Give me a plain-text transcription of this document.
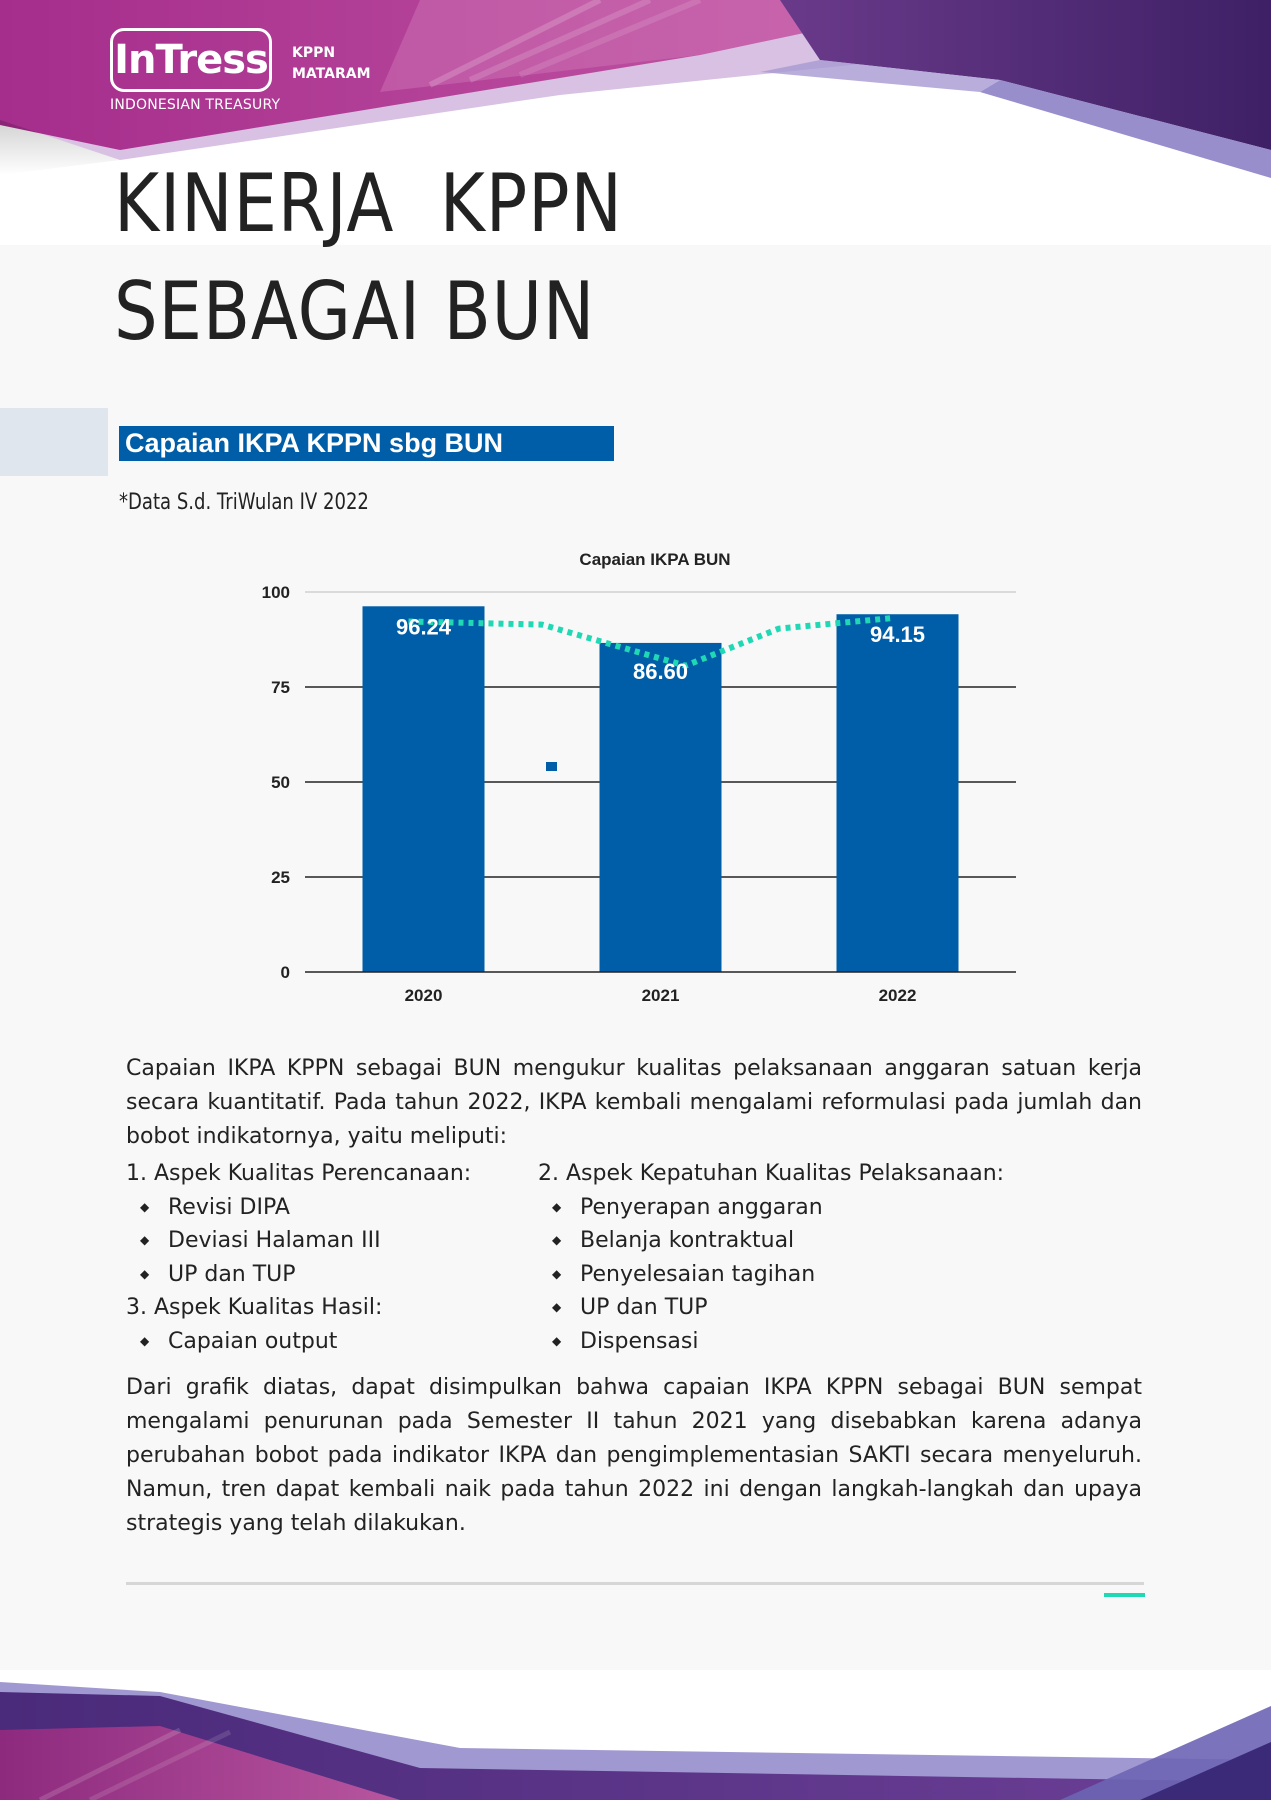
InTress
INDONESIAN TREASURY
KPPN
MATARAM
KINERJA  KPPN
SEBAGAI BUN
Capaian IKPA KPPN sbg BUN
*Data S.d. TriWulan IV 2022
Capaian IKPA BUN
0
25
50
75
100
2020	2021	2022
96.24
86.60
94.15

Capaian IKPA KPPN sebagai BUN mengukur kualitas pelaksanaan anggaran satuan kerja secara kuantitatif. Pada tahun 2022, IKPA kembali mengalami reformulasi pada jumlah dan bobot indikatornya, yaitu meliputi:

1. Aspek Kualitas Perencanaan:
◆ Revisi DIPA
◆ Deviasi Halaman III
◆ UP dan TUP
3. Aspek Kualitas Hasil:
◆ Capaian output
2. Aspek Kepatuhan Kualitas Pelaksanaan:
◆ Penyerapan anggaran
◆ Belanja kontraktual
◆ Penyelesaian tagihan
◆ UP dan TUP
◆ Dispensasi

Dari grafik diatas, dapat disimpulkan bahwa capaian IKPA KPPN sebagai BUN sempat mengalami penurunan pada Semester II tahun 2021 yang disebabkan karena adanya perubahan bobot pada indikator IKPA dan pengimplementasian SAKTI secara menyeluruh. Namun, tren dapat kembali naik pada tahun 2022 ini dengan langkah-langkah dan upaya strategis yang telah dilakukan.
